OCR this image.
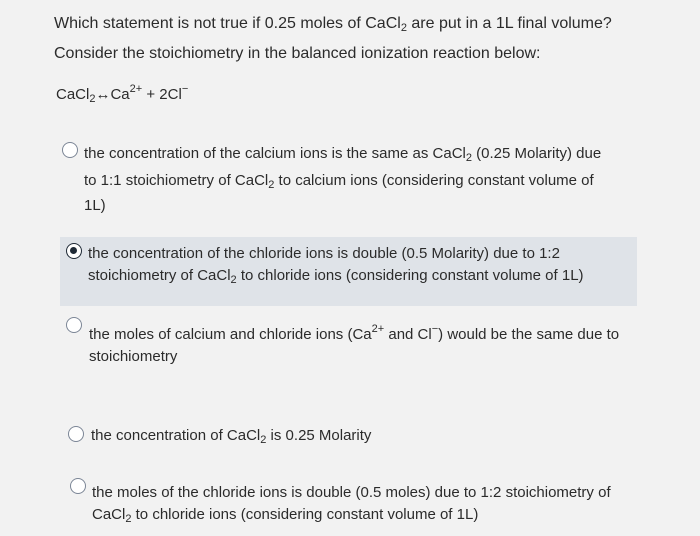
Which statement is not true if 0.25 moles of CaCl$_2$ are put in a 1L final volume?
Consider the stoichiometry in the balanced ionization reaction below:
$CaCl_2\leftrightarrow Ca^{2+} + 2Cl^-$
the concentration of the calcium ions is the same as CaCl$_2$ (0.25 Molarity) due
to 1:1 stoichiometry of CaCl$_2$ to calcium ions (considering constant volume of
1L)
the concentration of the chloride ions is double (0.5 Molarity) due to 1:2
stoichiometry of CaCl$_2$ to chloride ions (considering constant volume of 1L)
the moles of calcium and chloride ions ($Ca^{2+}$ and Cl−) would be the same due to
stoichiometry
the concentration of CaCl$_2$ is 0.25 Molarity
the moles of the chloride ions is double (0.5 moles) due to 1:2 stoichiometry of
CaCl$_2$ to chloride ions (considering constant volume of 1L)
